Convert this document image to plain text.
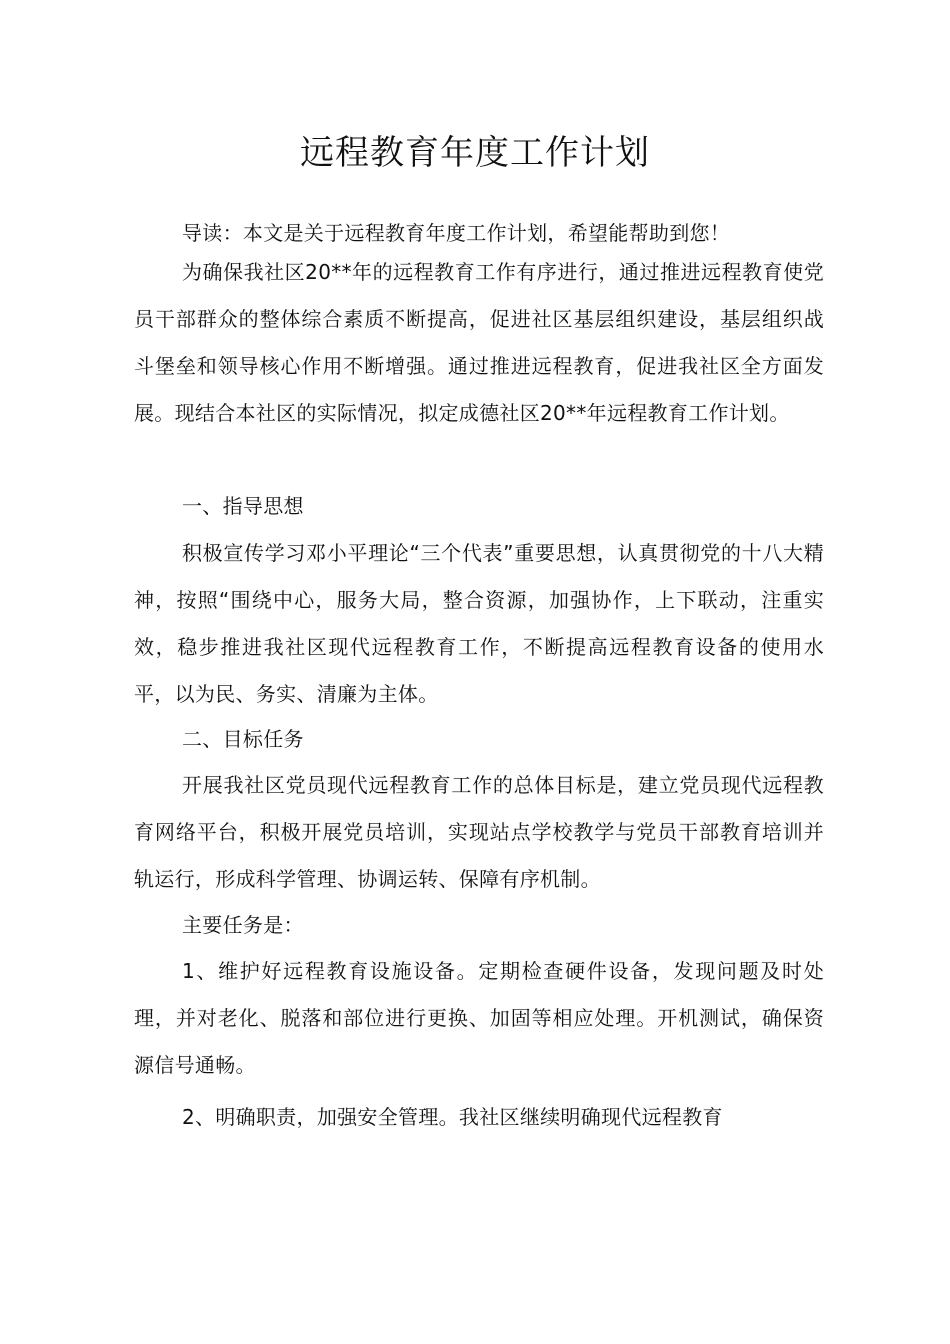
远程教育年度工作计划

导读：本文是关于远程教育年度工作计划，希望能帮助到您！

为确保我社区20**年的远程教育工作有序进行，通过推进远程教育使党员干部群众的整体综合素质不断提高，促进社区基层组织建设，基层组织战斗堡垒和领导核心作用不断增强。通过推进远程教育，促进我社区全方面发展。现结合本社区的实际情况，拟定成德社区20**年远程教育工作计划。

一、指导思想

积极宣传学习邓小平理论“三个代表”重要思想，认真贯彻党的十八大精神，按照“围绕中心，服务大局，整合资源，加强协作，上下联动，注重实效，稳步推进我社区现代远程教育工作，不断提高远程教育设备的使用水平，以为民、务实、清廉为主体。

二、目标任务

开展我社区党员现代远程教育工作的总体目标是，建立党员现代远程教育网络平台，积极开展党员培训，实现站点学校教学与党员干部教育培训并轨运行，形成科学管理、协调运转、保障有序机制。

主要任务是：

1、维护好远程教育设施设备。定期检查硬件设备，发现问题及时处理，并对老化、脱落和部位进行更换、加固等相应处理。开机测试，确保资源信号通畅。

2、明确职责，加强安全管理。我社区继续明确现代远程教育
